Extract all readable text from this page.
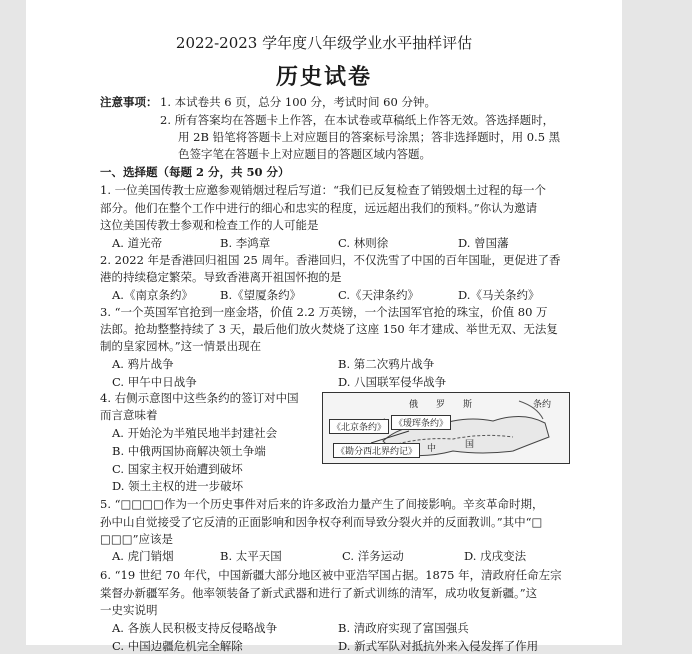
2022-2023 学年度八年级学业水平抽样评估
历史试卷
注意事项： 1. 本试卷共 6 页，总分 100 分，考试时间 60 分钟。
2. 所有答案均在答题卡上作答，在本试卷或草稿纸上作答无效。答选择题时，
用 2B 铅笔将答题卡上对应题目的答案标号涂黑；答非选择题时，用 0.5 黑
色签字笔在答题卡上对应题目的答题区域内答题。
一、选择题（每题 2 分，共 50 分）
1. 一位美国传教士应邀参观销烟过程后写道：“我们已反复检查了销毁烟土过程的每一个
部分。他们在整个工作中进行的细心和忠实的程度，远远超出我们的预料。”你认为邀请
这位美国传教士参观和检查工作的人可能是
A. 道光帝	B. 李鸿章	C. 林则徐	D. 曾国藩
2. 2022 年是香港回归祖国 25 周年。香港回归，不仅洗雪了中国的百年国耻，更促进了香
港的持续稳定繁荣。导致香港离开祖国怀抱的是
A.《南京条约》 B.《望厦条约》	C.《天津条约》	D.《马关条约》
3. “一个英国军官抢到一座金塔，价值 2.2 万英镑，一个法国军官抢的珠宝，价值 80 万
法郎。抢劫整整持续了 3 天，最后他们放火焚烧了这座 150 年才建成、举世无双、无法复
制的皇家园林。”这一情景出现在
A. 鸦片战争	B. 第二次鸦片战争
C. 甲午中日战争	D. 八国联军侵华战争
4. 右侧示意图中这些条约的签订对中国
而言意味着
A. 开始沦为半殖民地半封建社会
B. 中俄两国协商解决领土争端
C. 国家主权开始遭到破坏
D. 领土主权的进一步破坏
俄　　罗　　斯
《北京条约》 《瑷珲条约》
《勘分西北界约记》	中	国
条约
5. “□□□□作为一个历史事件对后来的许多政治力量产生了间接影响。辛亥革命时期，
孙中山自觉接受了它反清的正面影响和因争权夺利而导致分裂火并的反面教训。”其中“□
□□□”应该是
A. 虎门销烟	B. 太平天国	C. 洋务运动	D. 戊戌变法
6. “19 世纪 70 年代，中国新疆大部分地区被中亚浩罕国占据。1875 年，清政府任命左宗
棠督办新疆军务。他率领装备了新式武器和进行了新式训练的清军，成功收复新疆。”这
一史实说明
A. 各族人民积极支持反侵略战争	B. 清政府实现了富国强兵
C. 中国边疆危机完全解除	D. 新式军队对抵抗外来入侵发挥了作用
